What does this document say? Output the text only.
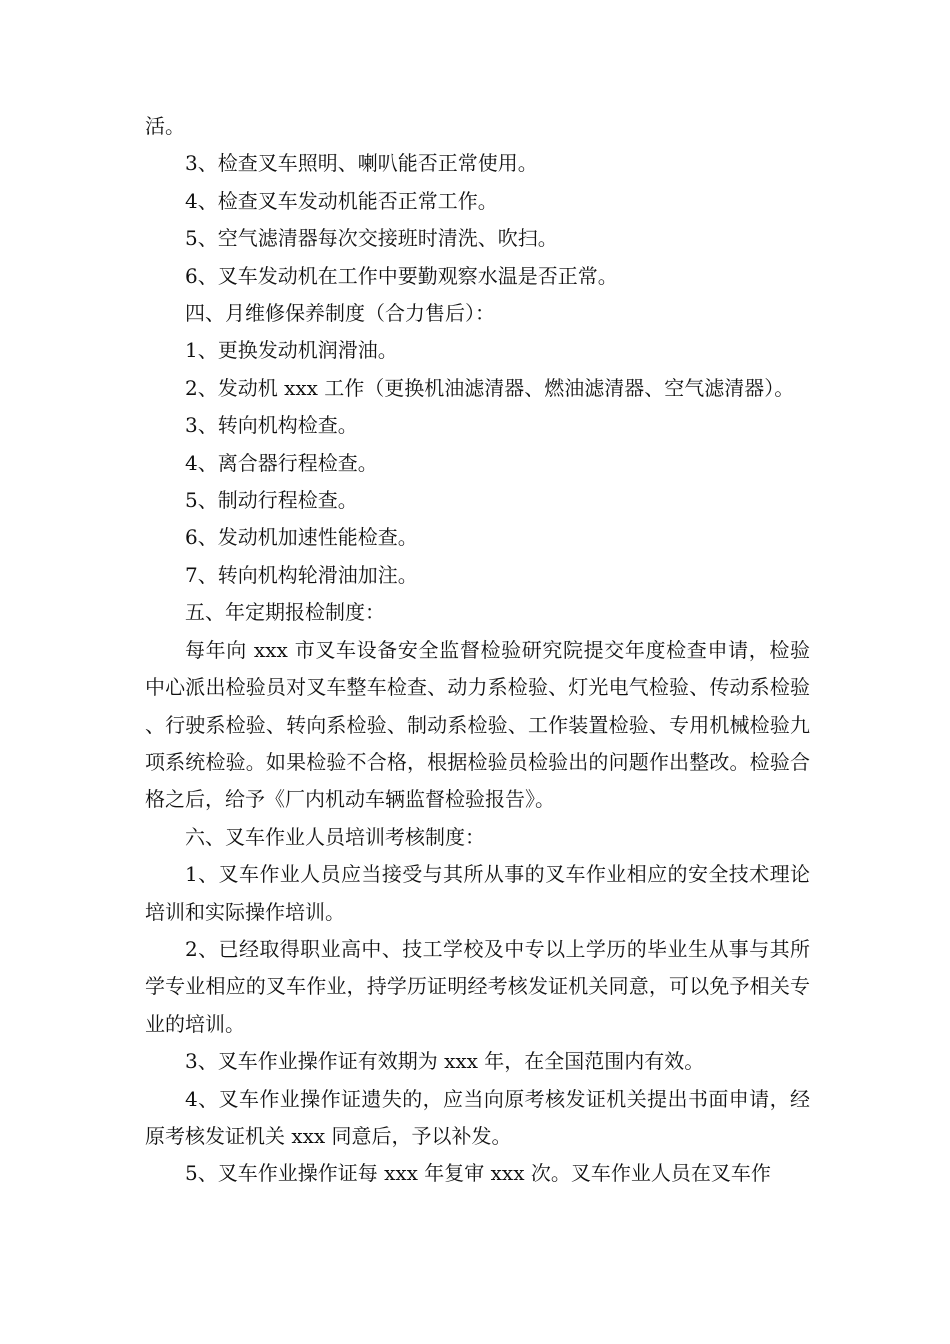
活。

3、检查叉车照明、喇叭能否正常使用。

4、检查叉车发动机能否正常工作。

5、空气滤清器每次交接班时清洗、吹扫。

6、叉车发动机在工作中要勤观察水温是否正常。

四、月维修保养制度（合力售后）：

1、更换发动机润滑油。

2、发动机 xxx 工作（更换机油滤清器、燃油滤清器、空气滤清器）。

3、转向机构检查。

4、离合器行程检查。

5、制动行程检查。

6、发动机加速性能检查。

7、转向机构轮滑油加注。

五、年定期报检制度：

每年向 xxx 市叉车设备安全监督检验研究院提交年度检查申请，检验中心派出检验员对叉车整车检查、动力系检验、灯光电气检验、传动系检验、行驶系检验、转向系检验、制动系检验、工作装置检验、专用机械检验九项系统检验。如果检验不合格，根据检验员检验出的问题作出整改。检验合格之后，给予《厂内机动车辆监督检验报告》。

六、叉车作业人员培训考核制度：

1、叉车作业人员应当接受与其所从事的叉车作业相应的安全技术理论培训和实际操作培训。

2、已经取得职业高中、技工学校及中专以上学历的毕业生从事与其所学专业相应的叉车作业，持学历证明经考核发证机关同意，可以免予相关专业的培训。

3、叉车作业操作证有效期为 xxx 年，在全国范围内有效。

4、叉车作业操作证遗失的，应当向原考核发证机关提出书面申请，经原考核发证机关 xxx 同意后，予以补发。

5、叉车作业操作证每 xxx 年复审 xxx 次。叉车作业人员在叉车作
